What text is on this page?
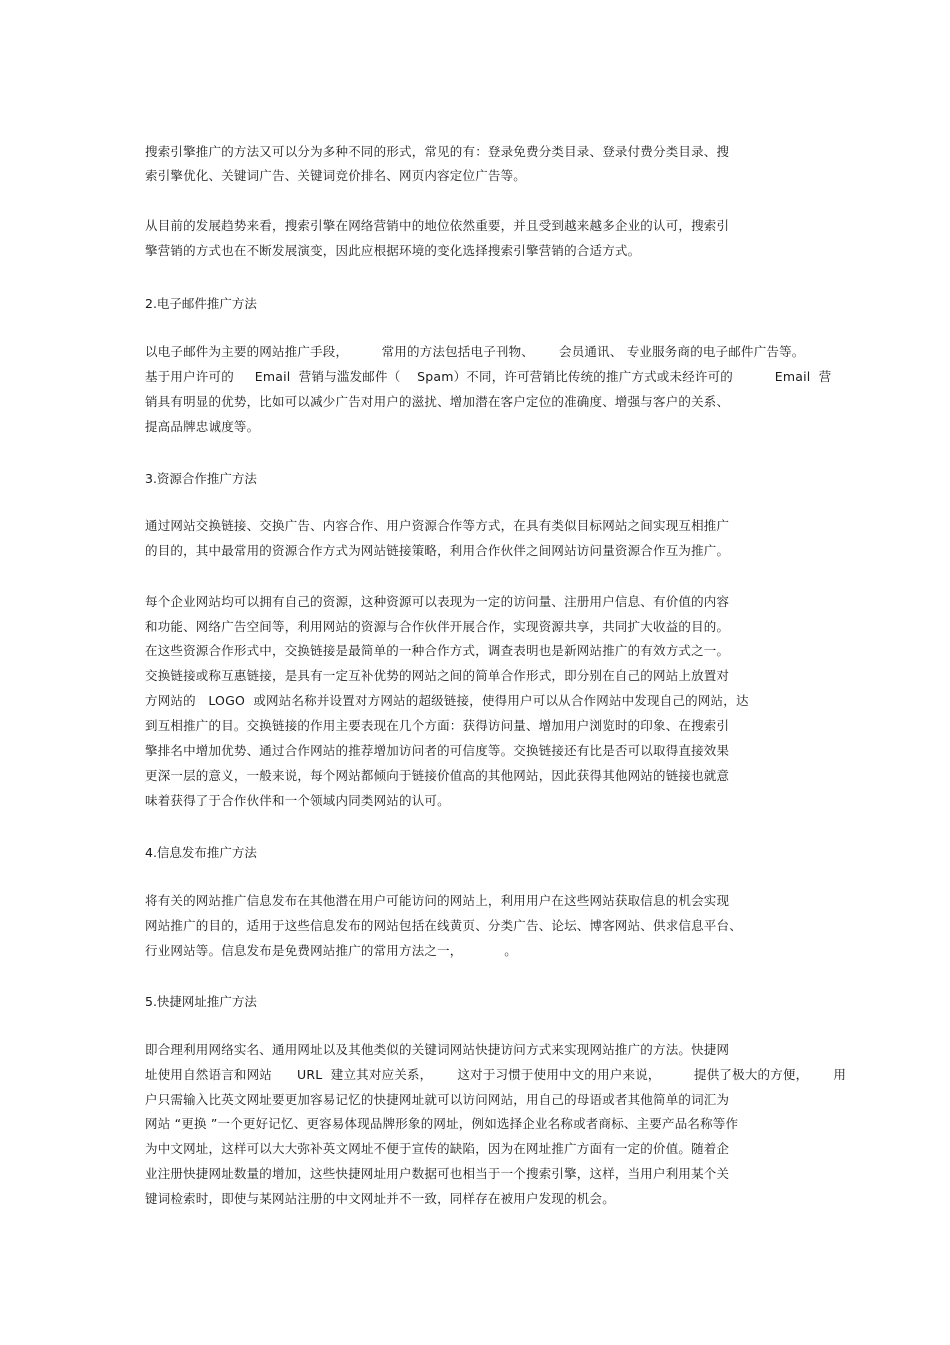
搜索引擎推广的方法又可以分为多种不同的形式，常见的有：登录免费分类目录、登录付费分类目录、搜
索引擎优化、关键词广告、关键词竞价排名、网页内容定位广告等。
从目前的发展趋势来看，搜索引擎在网络营销中的地位依然重要，并且受到越来越多企业的认可，搜索引
擎营销的方式也在不断发展演变，因此应根据环境的变化选择搜索引擎营销的合适方式。
2.电子邮件推广方法
以电子邮件为主要的网站推广手段，        常用的方法包括电子刊物、      会员通讯、 专业服务商的电子邮件广告等。
基于用户许可的     Email  营销与滥发邮件（    Spam）不同，许可营销比传统的推广方式或未经许可的          Email  营
销具有明显的优势，比如可以减少广告对用户的滋扰、增加潜在客户定位的准确度、增强与客户的关系、
提高品牌忠诚度等。
3.资源合作推广方法
通过网站交换链接、交换广告、内容合作、用户资源合作等方式，在具有类似目标网站之间实现互相推广
的目的，其中最常用的资源合作方式为网站链接策略，利用合作伙伴之间网站访问量资源合作互为推广。
每个企业网站均可以拥有自己的资源，这种资源可以表现为一定的访问量、注册用户信息、有价值的内容
和功能、网络广告空间等，利用网站的资源与合作伙伴开展合作，实现资源共享，共同扩大收益的目的。
在这些资源合作形式中，交换链接是最简单的一种合作方式，调查表明也是新网站推广的有效方式之一。
交换链接或称互惠链接，是具有一定互补优势的网站之间的简单合作形式，即分别在自己的网站上放置对
方网站的   LOGO  或网站名称并设置对方网站的超级链接，使得用户可以从合作网站中发现自己的网站，达
到互相推广的目。交换链接的作用主要表现在几个方面：获得访问量、增加用户浏览时的印象、在搜索引
擎排名中增加优势、通过合作网站的推荐增加访问者的可信度等。交换链接还有比是否可以取得直接效果
更深一层的意义，一般来说，每个网站都倾向于链接价值高的其他网站，因此获得其他网站的链接也就意
味着获得了于合作伙伴和一个领域内同类网站的认可。
4.信息发布推广方法
将有关的网站推广信息发布在其他潜在用户可能访问的网站上，利用用户在这些网站获取信息的机会实现
网站推广的目的，适用于这些信息发布的网站包括在线黄页、分类广告、论坛、博客网站、供求信息平台、
行业网站等。信息发布是免费网站推广的常用方法之一，          。
5.快捷网址推广方法
即合理利用网络实名、通用网址以及其他类似的关键词网站快捷访问方式来实现网站推广的方法。快捷网
址使用自然语言和网站      URL  建立其对应关系，      这对于习惯于使用中文的用户来说，        提供了极大的方便，      用
户只需输入比英文网址要更加容易记忆的快捷网址就可以访问网站，用自己的母语或者其他简单的词汇为
网站 “更换 ”一个更好记忆、更容易体现品牌形象的网址，例如选择企业名称或者商标、主要产品名称等作
为中文网址，这样可以大大弥补英文网址不便于宣传的缺陷，因为在网址推广方面有一定的价值。随着企
业注册快捷网址数量的增加，这些快捷网址用户数据可也相当于一个搜索引擎，这样，当用户利用某个关
键词检索时，即使与某网站注册的中文网址并不一致，同样存在被用户发现的机会。
